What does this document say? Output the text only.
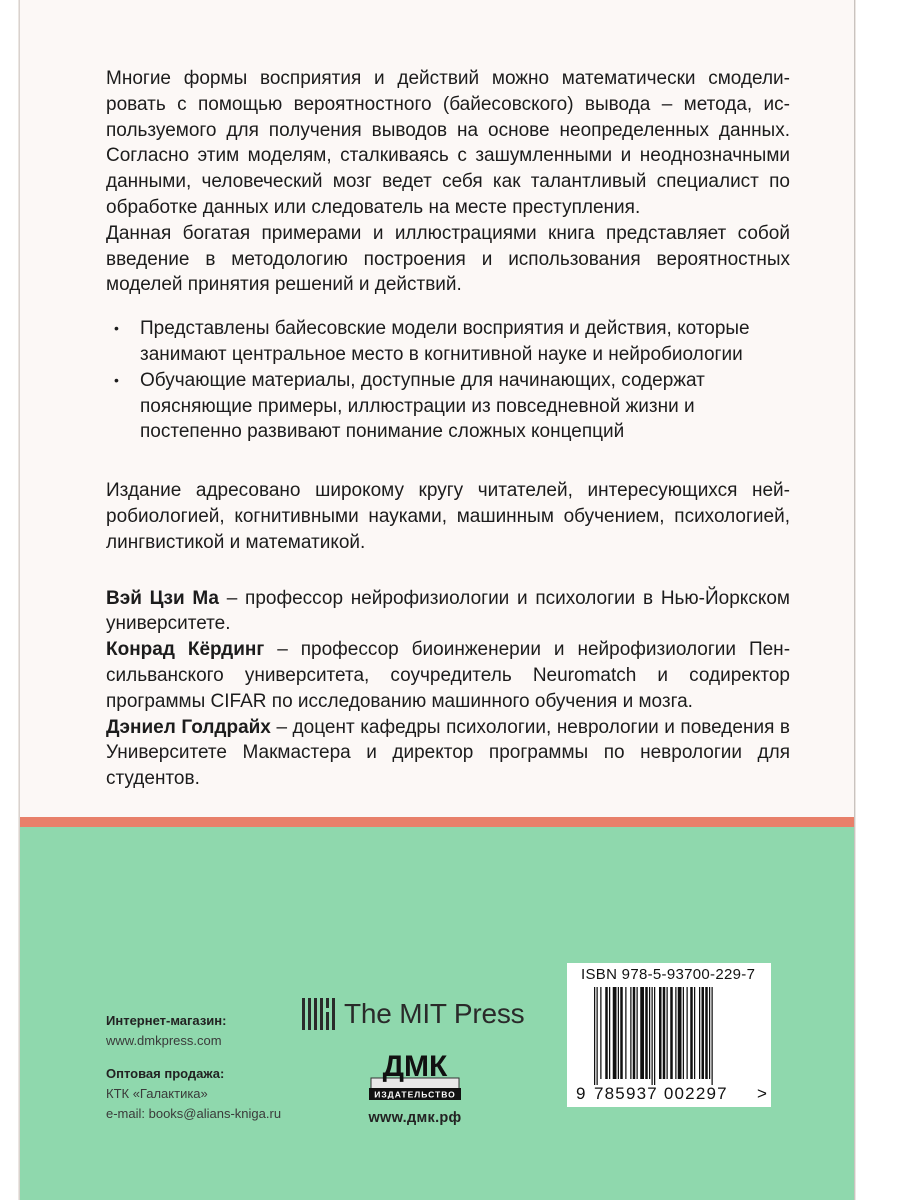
Многие формы восприятия и действий можно математически смоделировать с помощью вероятностного (байесовского) вывода – метода, используемого для получения выводов на основе неопределенных данных. Согласно этим моделям, сталкиваясь с зашумленными и неоднозначными данными, человеческий мозг ведет себя как талантливый специалист по обработке данных или следователь на месте преступления.

Данная богатая примерами и иллюстрациями книга представляет собой введение в методологию построения и использования вероятностных моделей принятия решений и действий.

• Представлены байесовские модели восприятия и действия, которые занимают центральное место в когнитивной науке и нейробиологии
• Обучающие материалы, доступные для начинающих, содержат поясняющие примеры, иллюстрации из повседневной жизни и постепенно развивают понимание сложных концепций

Издание адресовано широкому кругу читателей, интересующихся нейробиологией, когнитивными науками, машинным обучением, психологией, лингвистикой и математикой.

Вэй Цзи Ма – профессор нейрофизиологии и психологии в Нью-Йоркском университете.

Конрад Кёрдинг – профессор биоинженерии и нейрофизиологии Пенсильванского университета, соучредитель Neuromatch и содиректор программы CIFAR по исследованию машинного обучения и мозга.

Дэниел Голдрайх – доцент кафедры психологии, неврологии и поведения в Университете Макмастера и директор программы по неврологии для студентов.

Интернет-магазин:
www.dmkpress.com
Оптовая продажа:
КТК «Галактика»
e-mail: books@alians-kniga.ru
The MIT Press
ДМК
ИЗДАТЕЛЬСТВО
www.дмк.рф
ISBN 978-5-93700-229-7
9 785937 002297 >
